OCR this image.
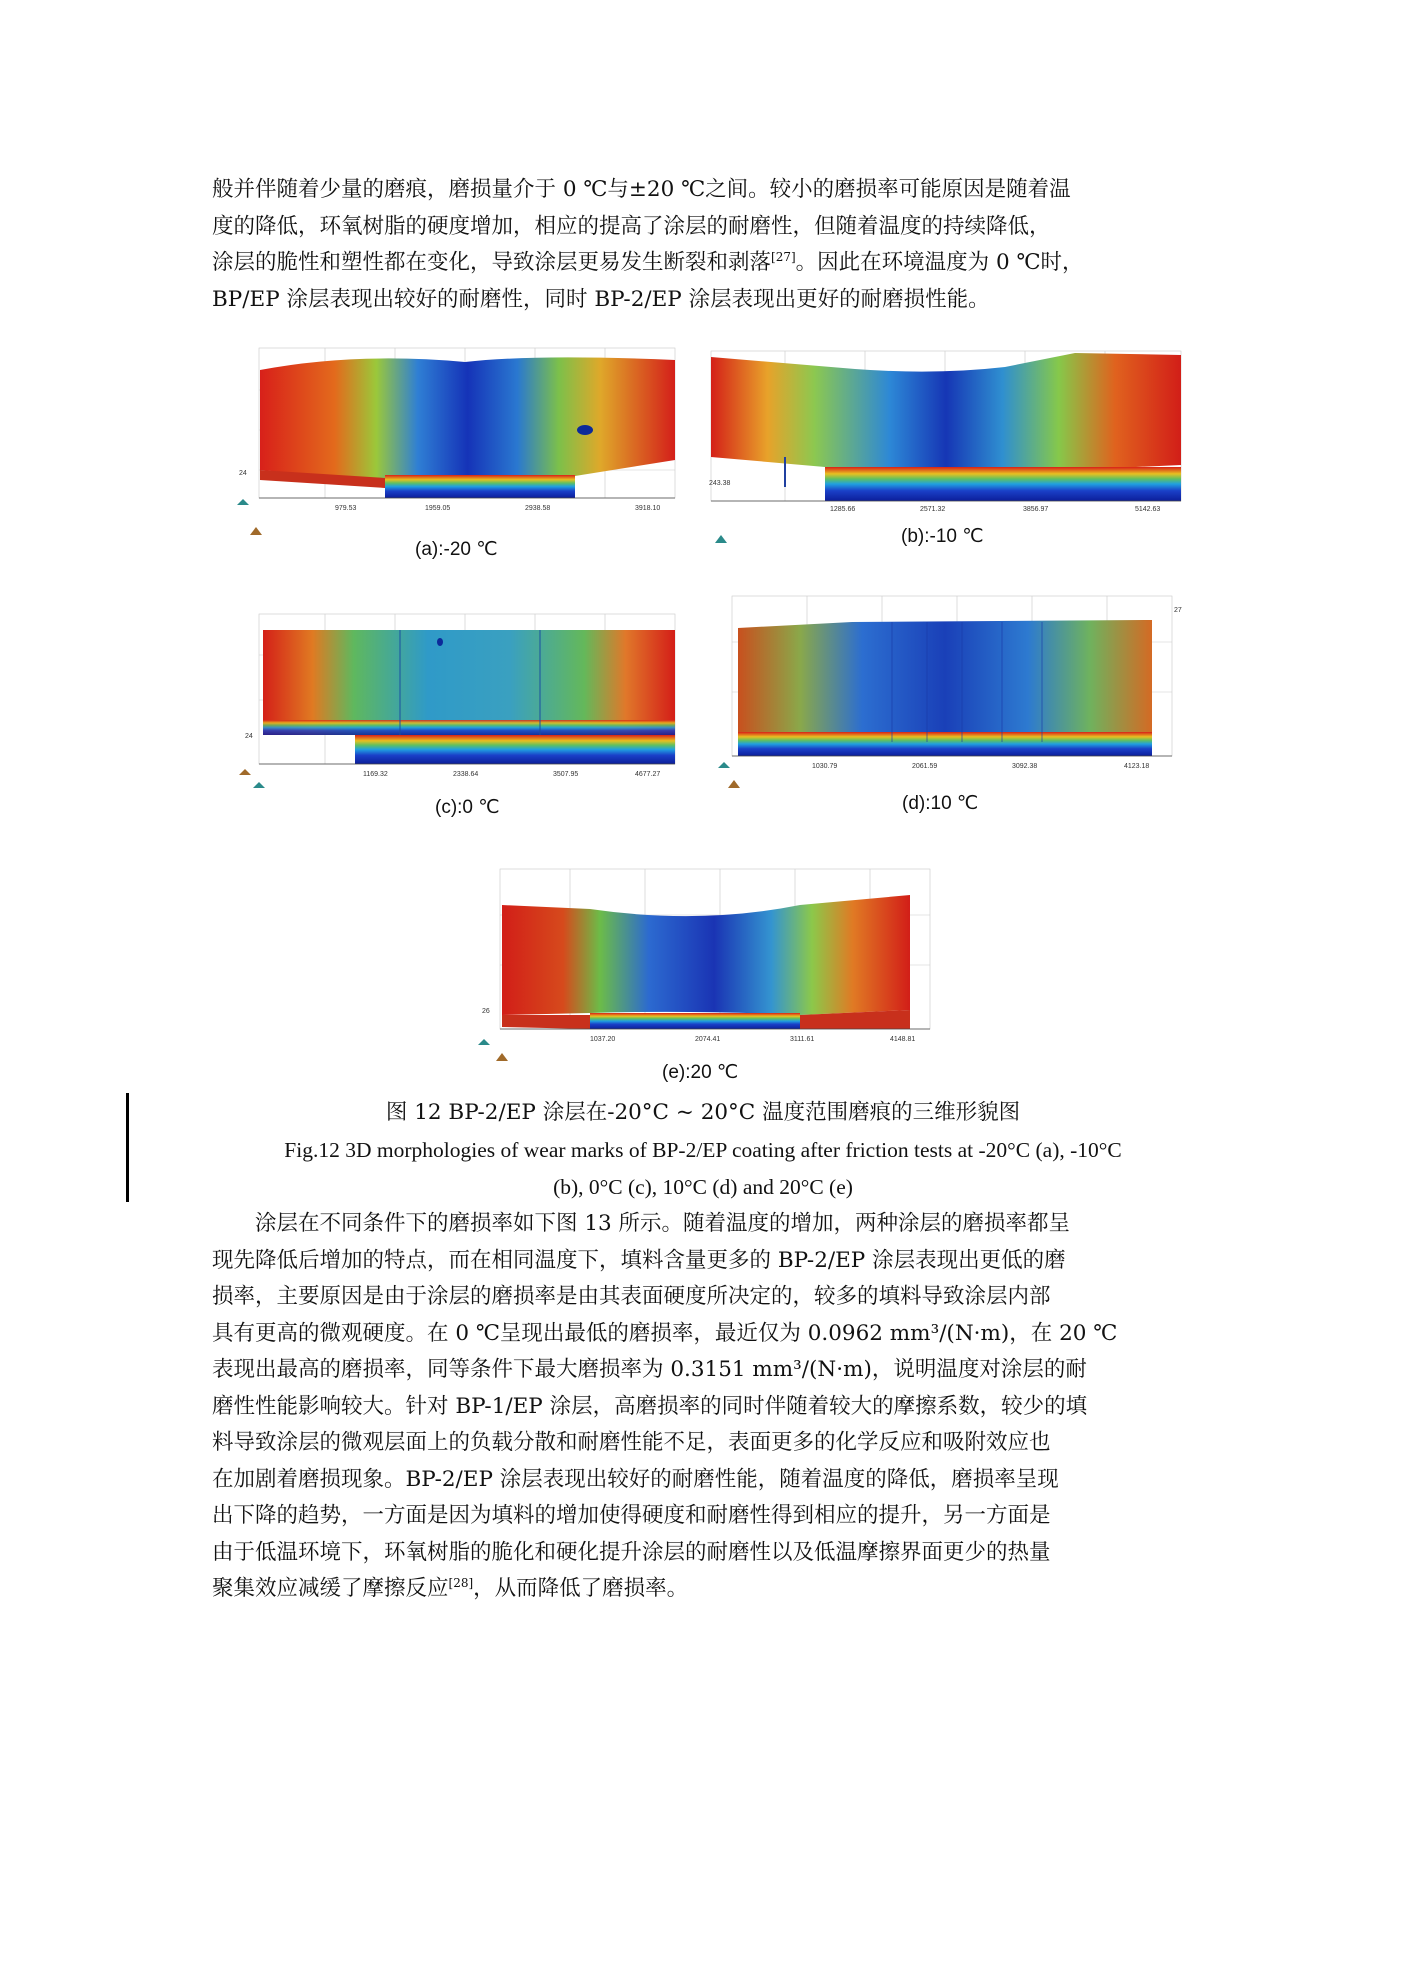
般并伴随着少量的磨痕，磨损量介于 0 ℃与±20 ℃之间。较小的磨损率可能原因是随着温
度的降低，环氧树脂的硬度增加，相应的提高了涂层的耐磨性，但随着温度的持续降低，
涂层的脆性和塑性都在变化，导致涂层更易发生断裂和剥落[27]。因此在环境温度为 0 ℃时，
BP/EP 涂层表现出较好的耐磨性，同时 BP-2/EP 涂层表现出更好的耐磨损性能。
979.53	1959.05	2938.58	3918.10
24
(a):-20 ℃
1285.66	2571.32	3856.97	5142.63
243.38
(b):-10 ℃
1169.32	2338.64	3507.95	4677.27
24
(c):0 ℃
1030.79	2061.59	3092.38	4123.18
27
(d):10 ℃
1037.20	2074.41	3111.61	4148.81
26
(e):20 ℃

图 12 BP-2/EP 涂层在-20°C ~ 20°C 温度范围磨痕的三维形貌图

Fig.12 3D morphologies of wear marks of BP-2/EP coating after friction tests at -20°C (a), -10°C

(b), 0°C (c), 10°C (d) and 20°C (e)

涂层在不同条件下的磨损率如下图 13 所示。随着温度的增加，两种涂层的磨损率都呈
现先降低后增加的特点，而在相同温度下，填料含量更多的 BP-2/EP 涂层表现出更低的磨
损率，主要原因是由于涂层的磨损率是由其表面硬度所决定的，较多的填料导致涂层内部
具有更高的微观硬度。在 0 ℃呈现出最低的磨损率，最近仅为 0.0962 mm³/(N·m)，在 20 ℃
表现出最高的磨损率，同等条件下最大磨损率为 0.3151 mm³/(N·m)，说明温度对涂层的耐
磨性性能影响较大。针对 BP-1/EP 涂层，高磨损率的同时伴随着较大的摩擦系数，较少的填
料导致涂层的微观层面上的负载分散和耐磨性能不足，表面更多的化学反应和吸附效应也
在加剧着磨损现象。BP-2/EP 涂层表现出较好的耐磨性能，随着温度的降低，磨损率呈现
出下降的趋势，一方面是因为填料的增加使得硬度和耐磨性得到相应的提升，另一方面是
由于低温环境下，环氧树脂的脆化和硬化提升涂层的耐磨性以及低温摩擦界面更少的热量
聚集效应减缓了摩擦反应[28]，从而降低了磨损率。
